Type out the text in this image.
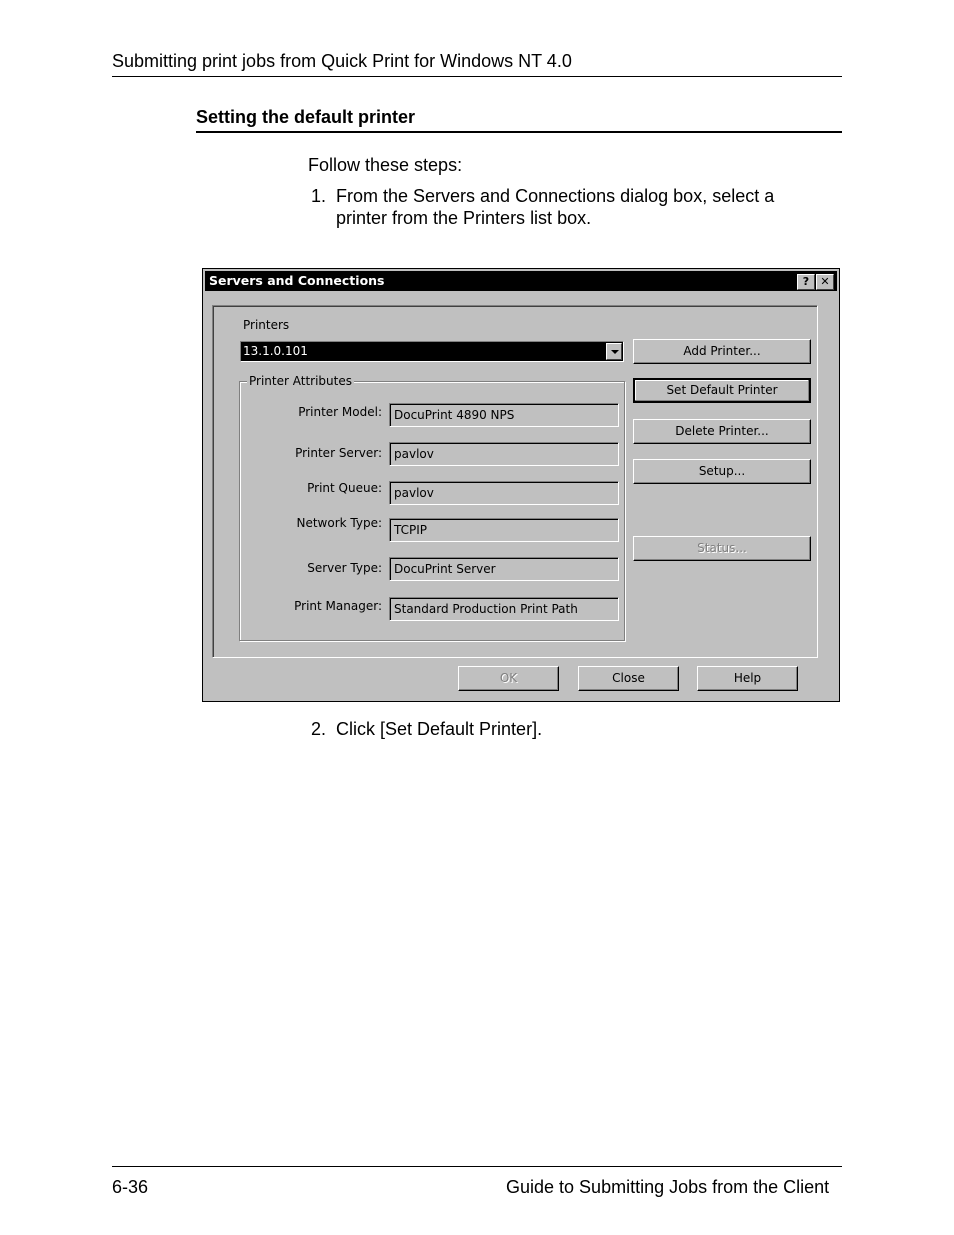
Submitting print jobs from Quick Print for Windows NT 4.0
Setting the default printer
Follow these steps:
1. From the Servers and Connections dialog box, select a
printer from the Printers list box.
Servers and Connections	?	✕
Printers
13.1.0.101
Printer Attributes
Printer Model:	DocuPrint 4890 NPS
Printer Server:	pavlov
Print Queue:	pavlov
Network Type:	TCPIP
Server Type:	DocuPrint Server
Print Manager:	Standard Production Print Path
Add Printer...
Set Default Printer
Delete Printer...
Setup...
Status...
OK	Close	Help
2. Click [Set Default Printer].
6-36	Guide to Submitting Jobs from the Client
